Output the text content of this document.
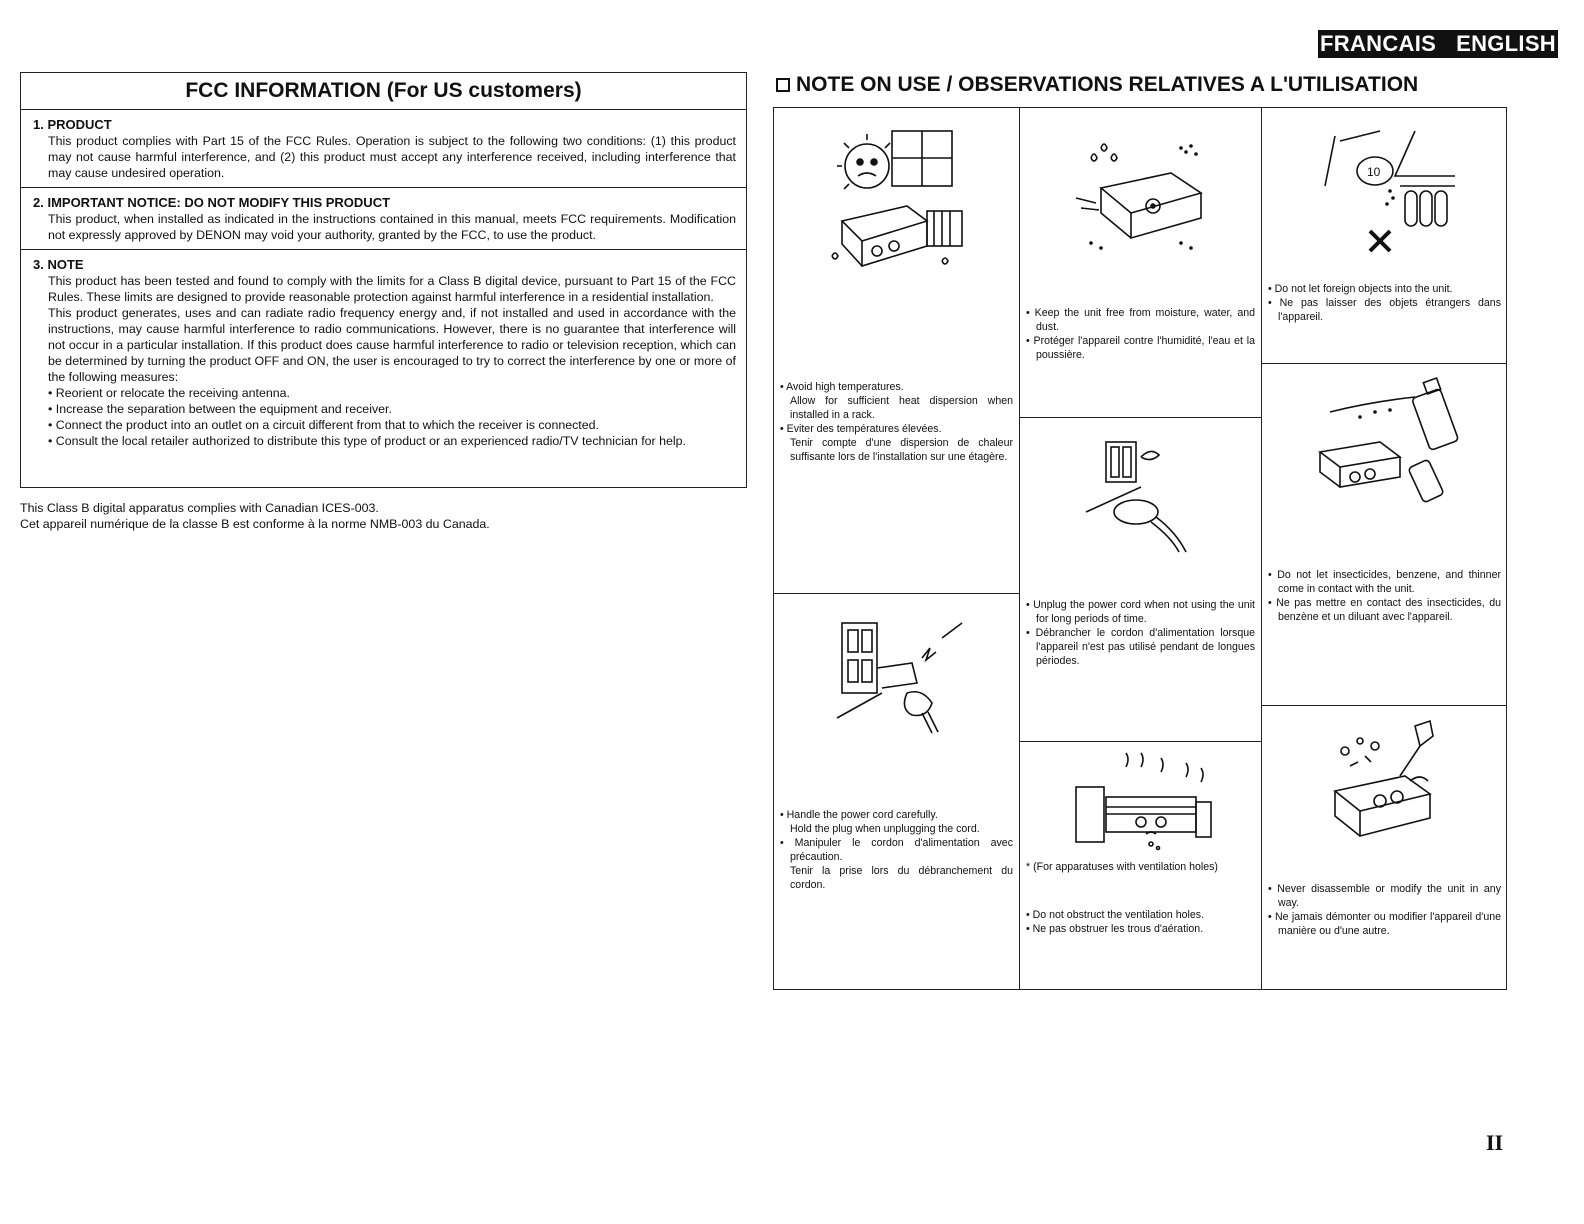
FRANCAIS ENGLISH
FCC INFORMATION (For US customers)
1. PRODUCT

This product complies with Part 15 of the FCC Rules. Operation is subject to the following two conditions: (1) this product may not cause harmful interference, and (2) this product must accept any interference received, including interference that may cause undesired operation.

2. IMPORTANT NOTICE: DO NOT MODIFY THIS PRODUCT

This product, when installed as indicated in the instructions contained in this manual, meets FCC requirements. Modification not expressly approved by DENON may void your authority, granted by the FCC, to use the product.

3. NOTE

This product has been tested and found to comply with the limits for a Class B digital device, pursuant to Part 15 of the FCC Rules. These limits are designed to provide reasonable protection against harmful interference in a residential installation.

This product generates, uses and can radiate radio frequency energy and, if not installed and used in accordance with the instructions, may cause harmful interference to radio communications. However, there is no guarantee that interference will not occur in a particular installation. If this product does cause harmful interference to radio or television reception, which can be determined by turning the product OFF and ON, the user is encouraged to try to correct the interference by one or more of the following measures:

• Reorient or relocate the receiving antenna.

• Increase the separation between the equipment and receiver.

• Connect the product into an outlet on a circuit different from that to which the receiver is connected.

• Consult the local retailer authorized to distribute this type of product or an experienced radio/TV technician for help.

This Class B digital apparatus complies with Canadian ICES-003.

Cet appareil numérique de la classe B est conforme à la norme NMB-003 du Canada.

NOTE ON USE / OBSERVATIONS RELATIVES A L'UTILISATION
• Avoid high temperatures.
Allow for sufficient heat dispersion when installed in a rack.
• Eviter des températures élevées.
Tenir compte d'une dispersion de chaleur suffisante lors de l'installation sur une étagère.
• Keep the unit free from moisture, water, and dust.
• Protéger l'appareil contre l'humidité, l'eau et la poussière.
10
• Do not let foreign objects into the unit.
• Ne pas laisser des objets étrangers dans l'appareil.
• Unplug the power cord when not using the unit for long periods of time.
• Débrancher le cordon d'alimentation lorsque l'appareil n'est pas utilisé pendant de longues périodes.
• Do not let insecticides, benzene, and thinner come in contact with the unit.
• Ne pas mettre en contact des insecticides, du benzène et un diluant avec l'appareil.
• Handle the power cord carefully.
Hold the plug when unplugging the cord.
• Manipuler le cordon d'alimentation avec précaution.
Tenir la prise lors du débranchement du cordon.
* (For apparatuses with ventilation holes)
• Do not obstruct the ventilation holes.
• Ne pas obstruer les trous d'aération.
• Never disassemble or modify the unit in any way.
• Ne jamais démonter ou modifier l'appareil d'une manière ou d'une autre.
II
